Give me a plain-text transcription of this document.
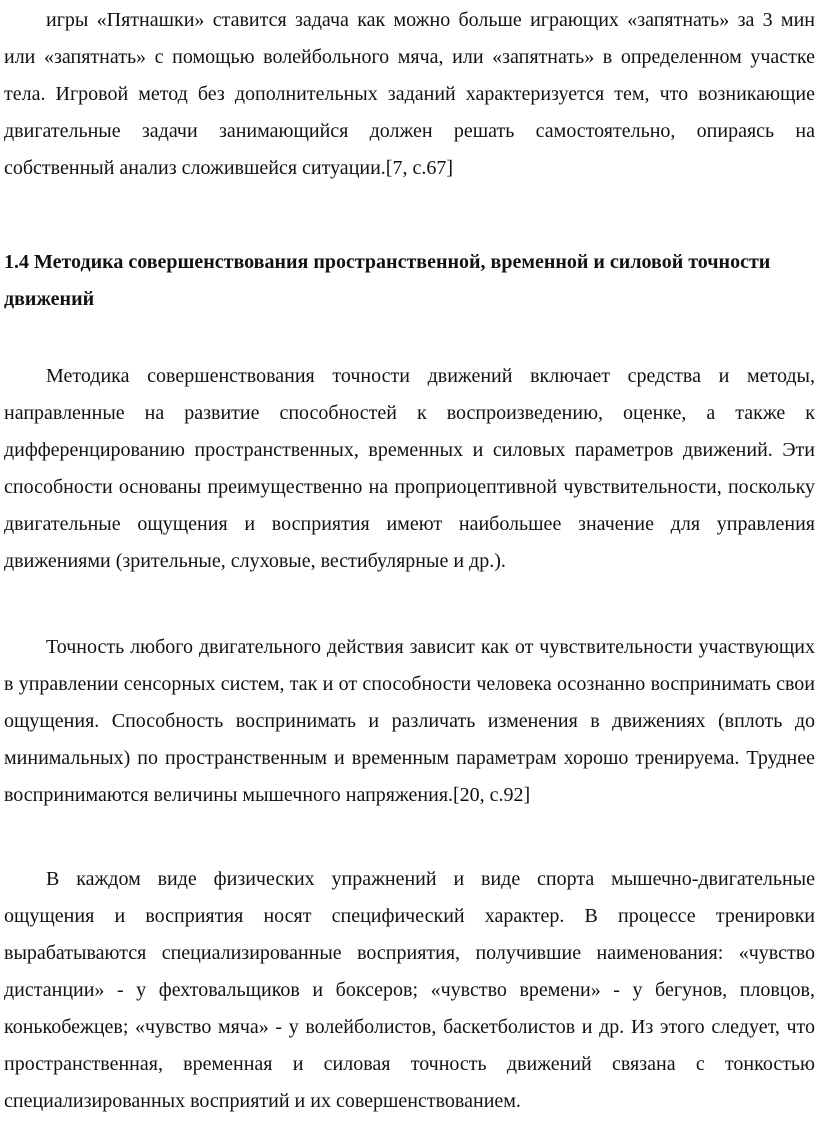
игры «Пятнашки» ставится задача как можно больше играющих «запятнать» за 3 мин или «запятнать» с помощью волейбольного мяча, или «запятнать» в определенном участке тела. Игровой метод без дополнительных заданий характеризуется тем, что возникающие двигательные задачи занимающийся должен решать самостоятельно, опираясь на собственный анализ сложившейся ситуации.[7, с.67]

1.4 Методика совершенствования пространственной, временной и силовой точности движений

Методика совершенствования точности движений включает средства и методы, направленные на развитие способностей к воспроизведению, оценке, а также к дифференцированию пространственных, временных и силовых параметров движений. Эти способности основаны преимущественно на проприоцептивной чувствительности, поскольку двигательные ощущения и восприятия имеют наибольшее значение для управления движениями (зрительные, слуховые, вестибулярные и др.).

Точность любого двигательного действия зависит как от чувствительности участвующих в управлении сенсорных систем, так и от способности человека осознанно воспринимать свои ощущения. Способность воспринимать и различать изменения в движениях (вплоть до минимальных) по пространственным и временным параметрам хорошо тренируема. Труднее воспринимаются величины мышечного напряжения.[20, с.92]

В каждом виде физических упражнений и виде спорта мышечно-двигательные ощущения и восприятия носят специфический характер. В процессе тренировки вырабатываются специализированные восприятия, получившие наименования: «чувство дистанции» - у фехтовальщиков и боксеров; «чувство времени» - у бегунов, пловцов, конькобежцев; «чувство мяча» - у волейболистов, баскетболистов и др. Из этого следует, что пространственная, временная и силовая точность движений связана с тонкостью специализированных восприятий и их совершенствованием.
